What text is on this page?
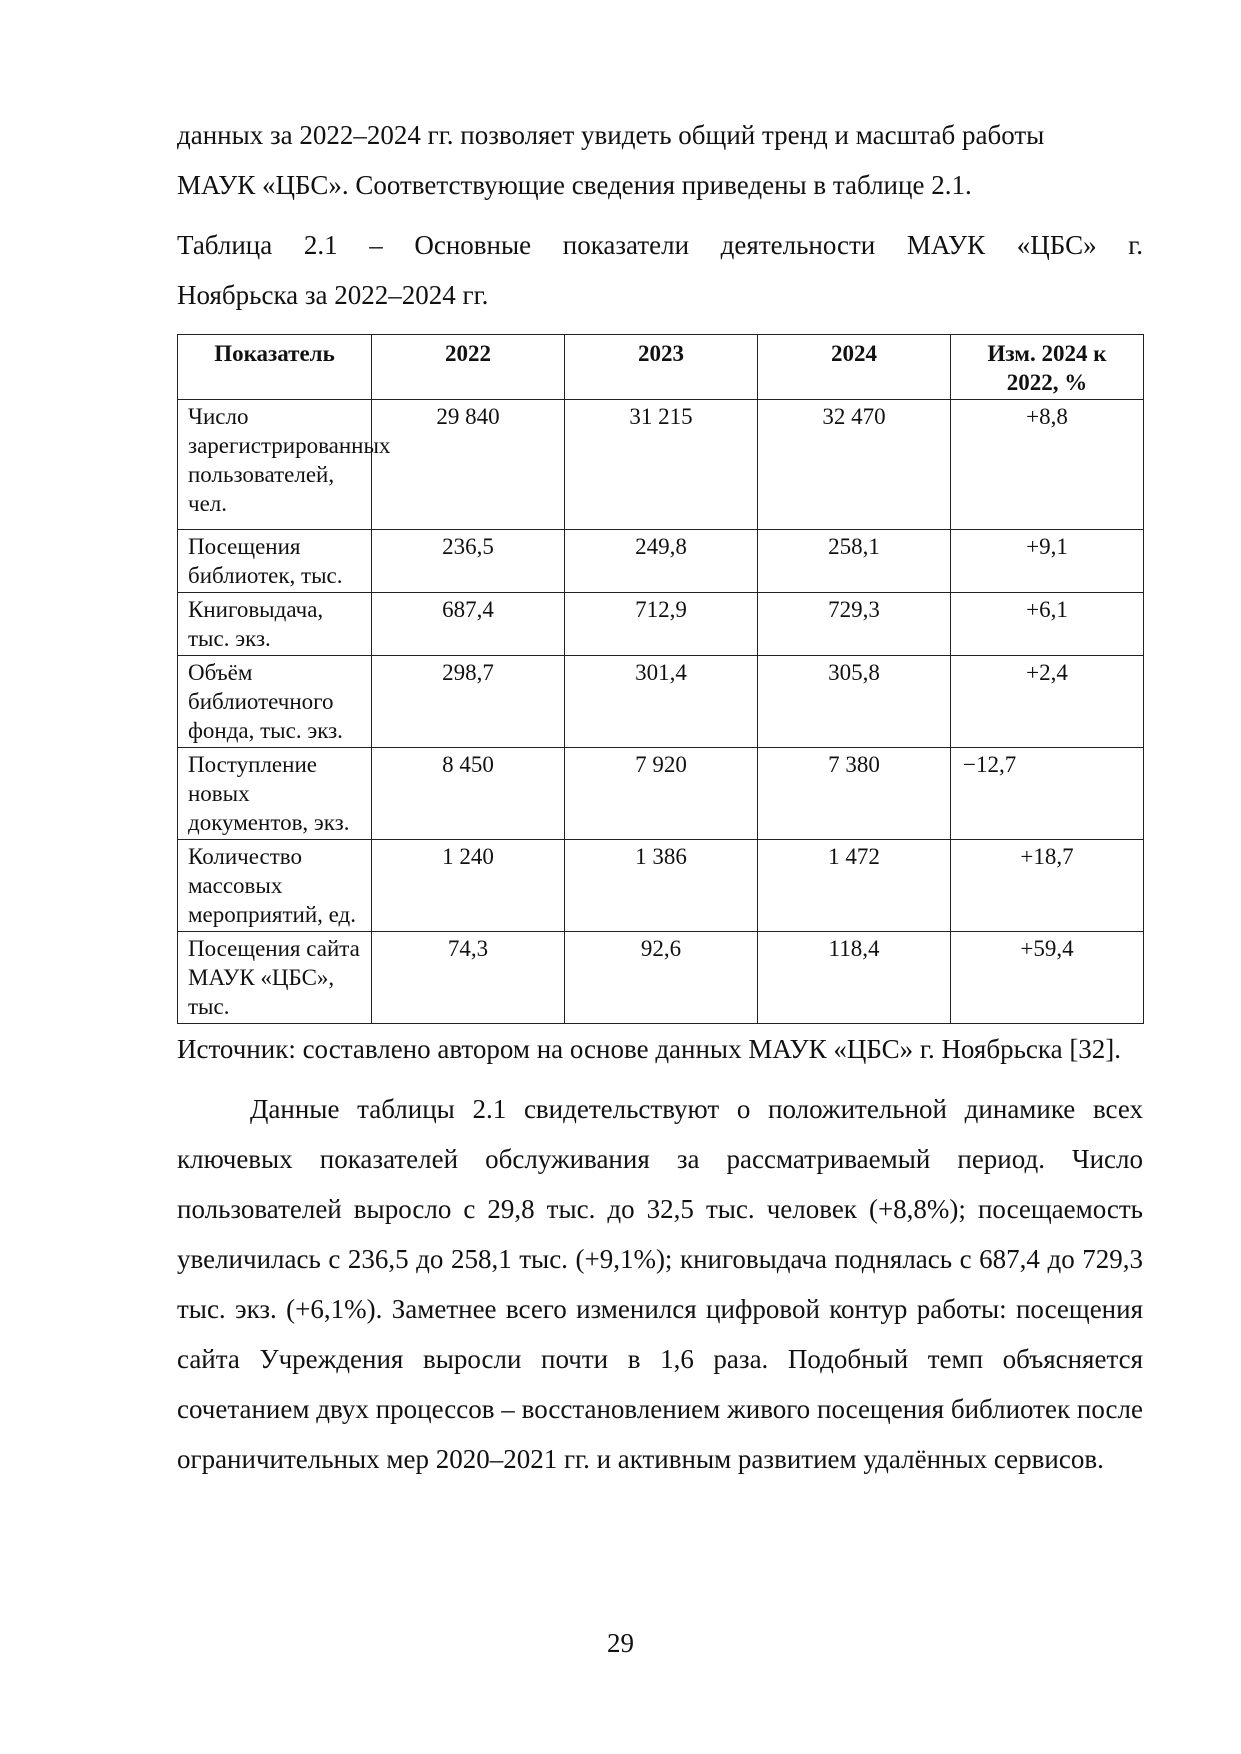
данных за 2022–2024 гг. позволяет увидеть общий тренд и масштаб работы
МАУК «ЦБС». Соответствующие сведения приведены в таблице 2.1.

Таблица 2.1 – Основные показатели деятельности МАУК «ЦБС» г.

Ноябрьска за 2022–2024 гг.

Показатель	2022	2023	2024	Изм. 2024 к 2022, %
Число зарегистрированных пользователей, чел.	29 840	31 215	32 470	+8,8
Посещения библиотек, тыс.	236,5	249,8	258,1	+9,1
Книговыдача, тыс. экз.	687,4	712,9	729,3	+6,1
Объём библиотечного фонда, тыс. экз.	298,7	301,4	305,8	+2,4
Поступление новых документов, экз.	8 450	7 920	7 380	−12,7
Количество массовых мероприятий, ед.	1 240	1 386	1 472	+18,7
Посещения сайта МАУК «ЦБС», тыс.	74,3	92,6	118,4	+59,4

Источник: составлено автором на основе данных МАУК «ЦБС» г. Ноябрьска [32].

Данные таблицы 2.1 свидетельствуют о положительной динамике всех ключевых показателей обслуживания за рассматриваемый период. Число пользователей выросло с 29,8 тыс. до 32,5 тыс. человек (+8,8%); посещаемость увеличилась с 236,5 до 258,1 тыс. (+9,1%); книговыдача поднялась с 687,4 до 729,3 тыс. экз. (+6,1%). Заметнее всего изменился цифровой контур работы: посещения сайта Учреждения выросли почти в 1,6 раза. Подобный темп объясняется сочетанием двух процессов – восстановлением живого посещения библиотек после ограничительных мер 2020–2021 гг. и активным развитием удалённых сервисов.

29
